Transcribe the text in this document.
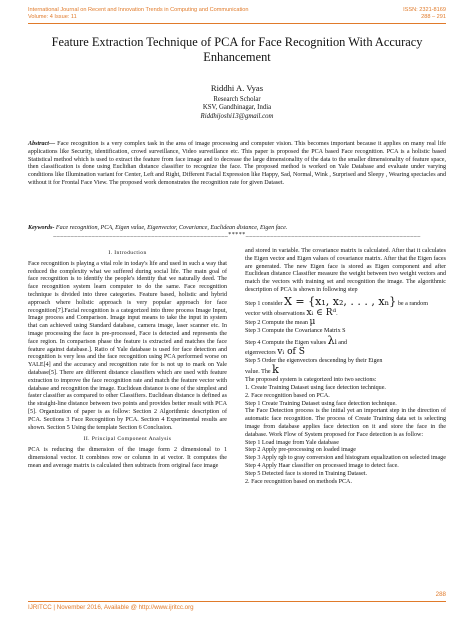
International Journal on Recent and Innovation Trends in Computing and Communication
Volume: 4 Issue: 11
ISSN: 2321-8169
288 – 291
Feature Extraction Technique of PCA for Face Recognition With Accuracy Enhancement
Riddhi A. Vyas
Research Scholar
KSV, Gandhinagar, India
Riddhijoshi13@gmail.com
Abstract— Face recognition is a very complex task in the area of image processing and computer vision. This becomes important because it applies on many real life applications like Security, identification, crowd surveillance, Video surveillance etc. This paper is proposed the PCA based Face recognition. PCA is a holistic based Statistical method which is used to extract the feature from face image and to decrease the large dimensionality of the data to the smaller dimensionality of feature space, then classification is done using Euclidian distance classifier to recognize the face. The proposed method is worked on Yale Database and evaluate under varying conditions like Illumination variant for Center, Left and Right, Different Facial Expression like Happy, Sad, Normal, Wink , Surprised and Sleepy , Wearing spectacles and without it for Frontal Face View. The proposed work demonstrates the recognition rate for given Dataset.
Keywords- Face recognition, PCA, Eigen value, Eigenvector, Covariance, Euclidean distance, Eigen face.
__________________________________________________*****__________________________________________________
I. Introduction

Face recognition is playing a vital role in today's life and used in such a way that reduced the complexity what we suffered during social life. The main goal of face recognition is to identify the people's identity that we naturally deed. The face recognition system learn computer to do the same. Face recognition technique is divided into three categories. Feature based, holistic and hybrid approach where holistic approach is very popular approach for face recognition[7].Facial recognition is a categorized into three process Image Input, Image process and Comparison. Image input means to take the input in system that can achieved using Standard database, camera image, laser scanner etc. In image processing the face is pre-processed, Face is detected and represents the face region. In comparison phase the feature is extracted and matches the face feature against database.]. Ratio of Yale database is used for face detection and recognition is very less and the face recognition using PCA performed worse on YALE[4] and the accuracy and recognition rate for is not up to mark on Yale database[5]. There are different distance classifiers which are used with feature extraction to improve the face recognition rate and match the feature vector with database and recognition the image. Euclidean distance is one of the simplest and faster classifier as compared to other Classifiers. Euclidean distance is defined as the straight-line distance between two points and provides better result with PCA [5]. Organization of paper is as follow: Section 2 Algorithmic description of PCA. Sections 3 Face Recognition by PCA. Section 4 Experimental results are shown. Section 5 Using the template Section 6 Conclusion.

II. Principal Component Analysis

PCA is reducing the dimension of the image form 2 dimensional to 1 dimensional vector. It combines row or column in at vector. It computes the mean and average matrix is calculated then subtracts from original face image

and stored in variable. The covariance matrix is calculated. After that it calculates the Eigen vector and Eigen values of covariance matrix. After that the Eigen faces are generated. The new Eigen face is stored as Eigen component and after Euclidean distance Classifier measure the weight between two weight vectors and match the vectors with training set and recognition the image. The algorithmic description of PCA is shown in following step

Step 1 consider X = {x₁, x₂, . . . , xₙ} be a random
vector with observations xᵢ ∈ Rᵈ.
Step 2 Compute the mean μ
Step 3 Compute the Covariance Matrix S
Step 4 Compute the Eigen values λᵢ and
eigenvectors vᵢ of S
Step 5 Order the eigenvectors descending by their Eigen
value. The k
The proposed system is categorized into two sections:
1. Create Training Dataset using face detection technique.
2. Face recognition based on PCA.
Step 1 Create Training Dataset using face detection technique.

The Face Detection process is the initial yet an important step in the direction of automatic face recognition. The process of Create Training data set is selecting image from database applies face detection on it and store the face in the database. Work Flow of System proposed for Face detection is as follow:

Step 1 Load image from Yale database
Step 2 Apply pre-processing on loaded image

Step 3 Apply rgb to gray conversion and histogram equalization on selected image

Step 4 Apply Haar classifier on processed image to detect face.

Step 5 Detected face is stored in Training Dataset.
2. Face recognition based on methods PCA.
288
IJRITCC | November 2016, Available @ http://www.ijritcc.org
